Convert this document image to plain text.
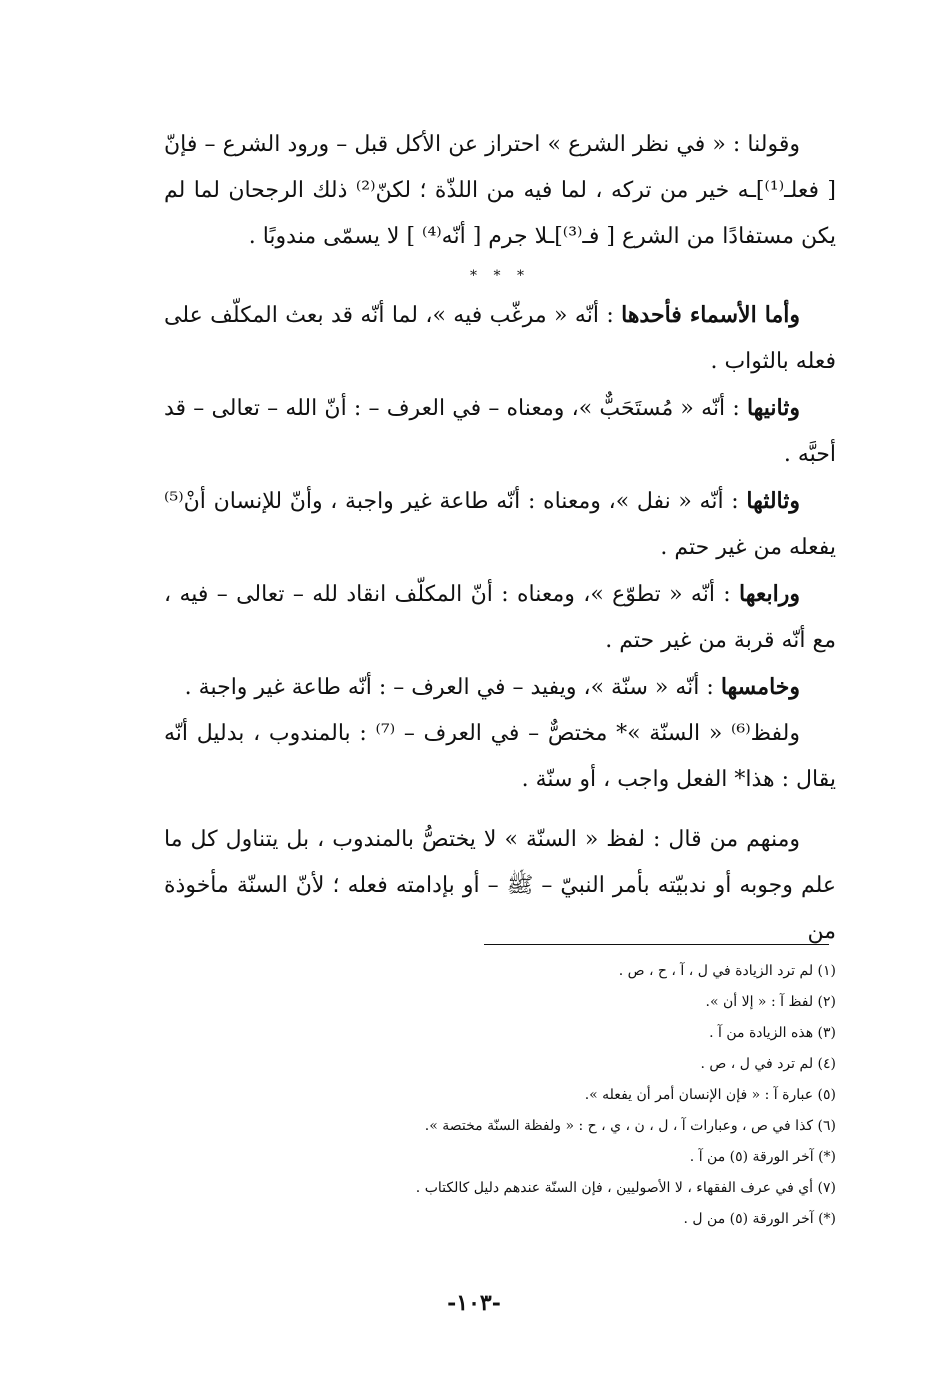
وقولنا : « في نظر الشرع » احتراز عن الأكل قبل – ورود الشرع – فإنّ [ فعلـ⁽¹⁾]ـه خير من تركه ، لما فيه من اللذّة ؛ لكنّ⁽²⁾ ذلك الرجحان لما لم يكن مستفادًا من الشرع [ فـ⁽³⁾]ـلا جرم [ أنّه⁽⁴⁾ ] لا يسمّى مندوبًا .

* * *

وأما الأسماء فأحدها : أنّه « مرغّب فيه »، لما أنّه قد بعث المكلّف على فعله بالثواب .

وثانيها : أنّه « مُستَحَبٌّ »، ومعناه – في العرف – : أنّ الله – تعالى – قد أحبَّه .

وثالثها : أنّه « نفل »، ومعناه : أنّه طاعة غير واجبة ، وأنّ للإنسان أنْ⁽⁵⁾ يفعله من غير حتم .

ورابعها : أنّه « تطوّع »، ومعناه : أنّ المكلّف انقاد لله – تعالى – فيه ، مع أنّه قربة من غير حتم .

وخامسها : أنّه « سنّة »، ويفيد – في العرف – : أنّه طاعة غير واجبة .

ولفظ⁽⁶⁾ « السنّة »* مختصٌّ – في العرف – ⁽⁷⁾ : بالمندوب ، بدليل أنّه يقال : هذا* الفعل واجب ، أو سنّة .

ومنهم من قال : لفظ « السنّة » لا يختصُّ بالمندوب ، بل يتناول كل ما علم وجوبه أو ندبيّته بأمر النبيّ – ﷺ – أو بإدامته فعله ؛ لأنّ السنّة مأخوذة من

(١) لم ترد الزيادة في ل ، آ ، ح ، ص .
(٢) لفظ آ : « إلا أن ».
(٣) هذه الزيادة من آ .
(٤) لم ترد في ل ، ص .
(٥) عبارة آ : « فإن الإنسان أمر أن يفعله ».
(٦) كذا في ص ، وعبارات آ ، ل ، ن ، ي ، ح : « ولفظة السنّة مختصة ».
(*) آخر الورقة (٥) من آ .
(٧) أي في عرف الفقهاء ، لا الأصوليين ، فإن السنّة عندهم دليل كالكتاب .
(*) آخر الورقة (٥) من ل .
-١٠٣-
